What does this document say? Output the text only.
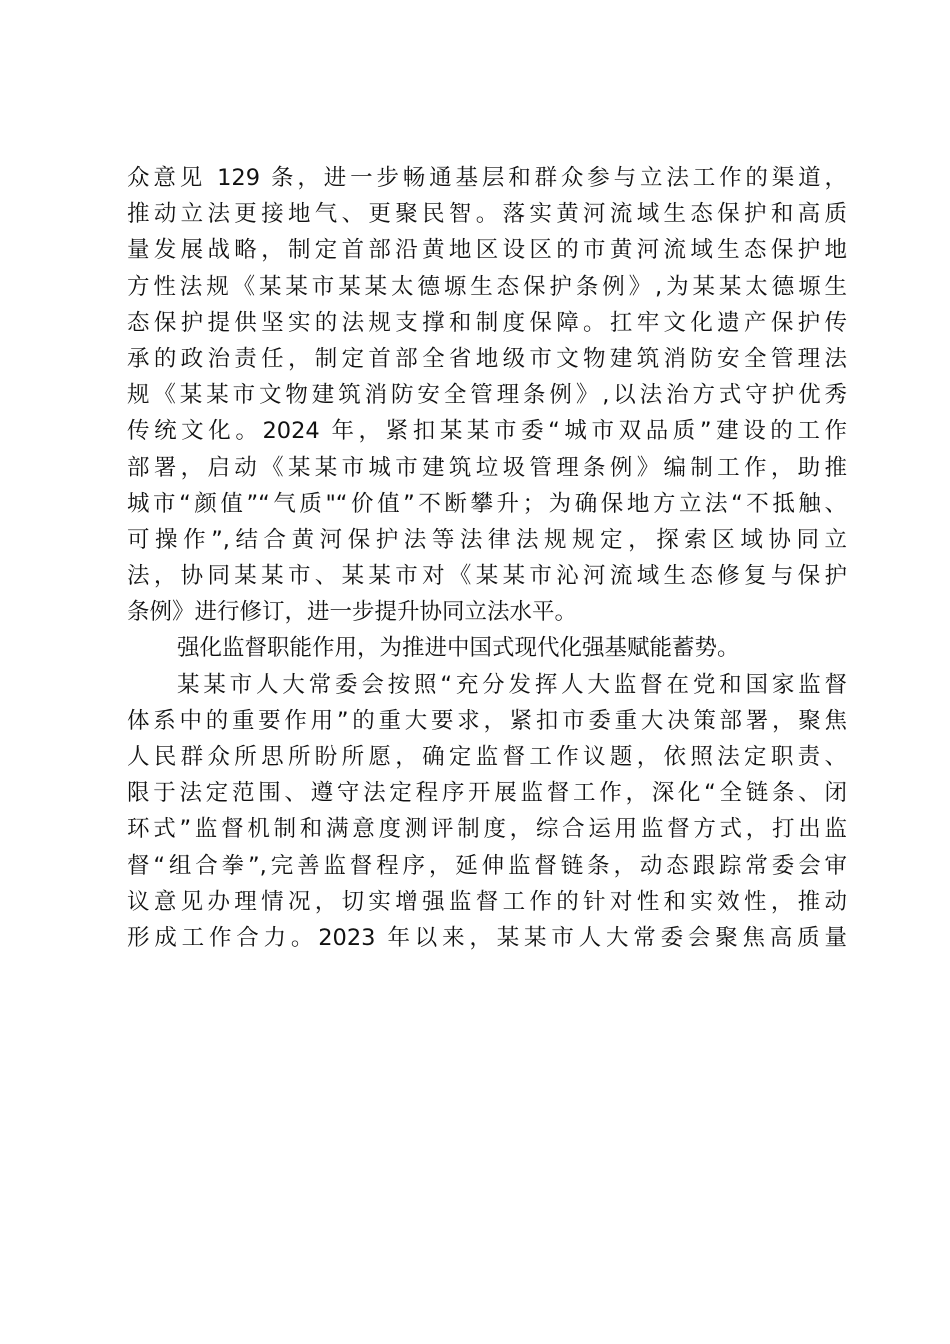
众意见 129 条，进一步畅通基层和群众参与立法工作的渠道，
推动立法更接地气、更聚民智。落实黄河流域生态保护和高质
量发展战略，制定首部沿黄地区设区的市黄河流域生态保护地
方性法规《某某市某某太德塬生态保护条例》,为某某太德塬生
态保护提供坚实的法规支撑和制度保障。扛牢文化遗产保护传
承的政治责任，制定首部全省地级市文物建筑消防安全管理法
规《某某市文物建筑消防安全管理条例》,以法治方式守护优秀
传统文化。2024 年，紧扣某某市委“城市双品质”建设的工作
部署，启动《某某市城市建筑垃圾管理条例》编制工作，助推
城市“颜值”“气质"“价值”不断攀升；为确保地方立法“不抵触、
可操作”,结合黄河保护法等法律法规规定，探索区域协同立
法，协同某某市、某某市对《某某市沁河流域生态修复与保护
条例》进行修订，进一步提升协同立法水平。
强化监督职能作用，为推进中国式现代化强基赋能蓄势。
某某市人大常委会按照“充分发挥人大监督在党和国家监督
体系中的重要作用”的重大要求，紧扣市委重大决策部署，聚焦
人民群众所思所盼所愿，确定监督工作议题，依照法定职责、
限于法定范围、遵守法定程序开展监督工作，深化“全链条、闭
环式”监督机制和满意度测评制度，综合运用监督方式，打出监
督“组合拳”,完善监督程序，延伸监督链条，动态跟踪常委会审
议意见办理情况，切实增强监督工作的针对性和实效性，推动
形成工作合力。2023 年以来，某某市人大常委会聚焦高质量
